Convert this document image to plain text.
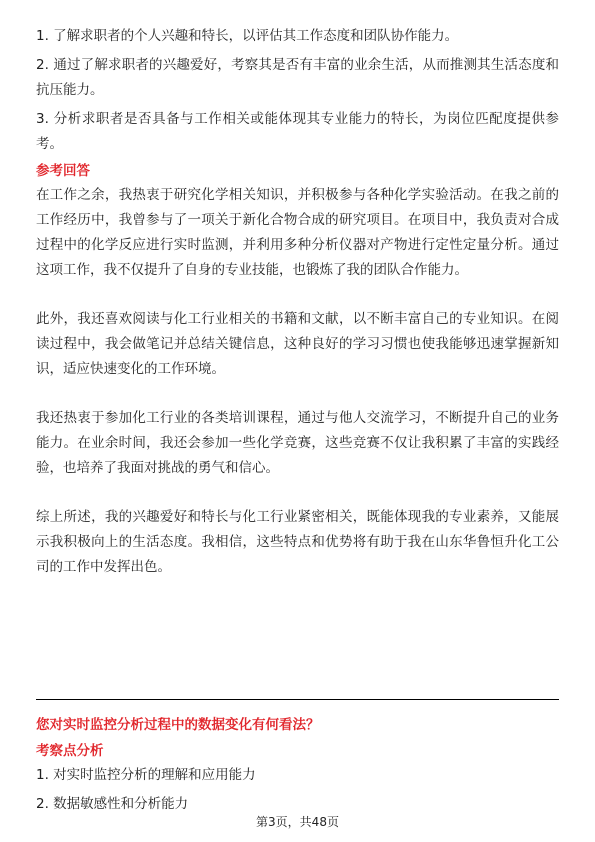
1. 了解求职者的个人兴趣和特长，以评估其工作态度和团队协作能力。

2. 通过了解求职者的兴趣爱好，考察其是否有丰富的业余生活，从而推测其生活态度和抗压能力。

3. 分析求职者是否具备与工作相关或能体现其专业能力的特长，为岗位匹配度提供参考。

参考回答

在工作之余，我热衷于研究化学相关知识，并积极参与各种化学实验活动。在我之前的工作经历中，我曾参与了一项关于新化合物合成的研究项目。在项目中，我负责对合成过程中的化学反应进行实时监测，并利用多种分析仪器对产物进行定性定量分析。通过这项工作，我不仅提升了自身的专业技能，也锻炼了我的团队合作能力。

此外，我还喜欢阅读与化工行业相关的书籍和文献，以不断丰富自己的专业知识。在阅读过程中，我会做笔记并总结关键信息，这种良好的学习习惯也使我能够迅速掌握新知识，适应快速变化的工作环境。

我还热衷于参加化工行业的各类培训课程，通过与他人交流学习，不断提升自己的业务能力。在业余时间，我还会参加一些化学竞赛，这些竞赛不仅让我积累了丰富的实践经验，也培养了我面对挑战的勇气和信心。

综上所述，我的兴趣爱好和特长与化工行业紧密相关，既能体现我的专业素养，又能展示我积极向上的生活态度。我相信，这些特点和优势将有助于我在山东华鲁恒升化工公司的工作中发挥出色。

您对实时监控分析过程中的数据变化有何看法？
考察点分析

1. 对实时监控分析的理解和应用能力

2. 数据敏感性和分析能力

第3页，共48页
